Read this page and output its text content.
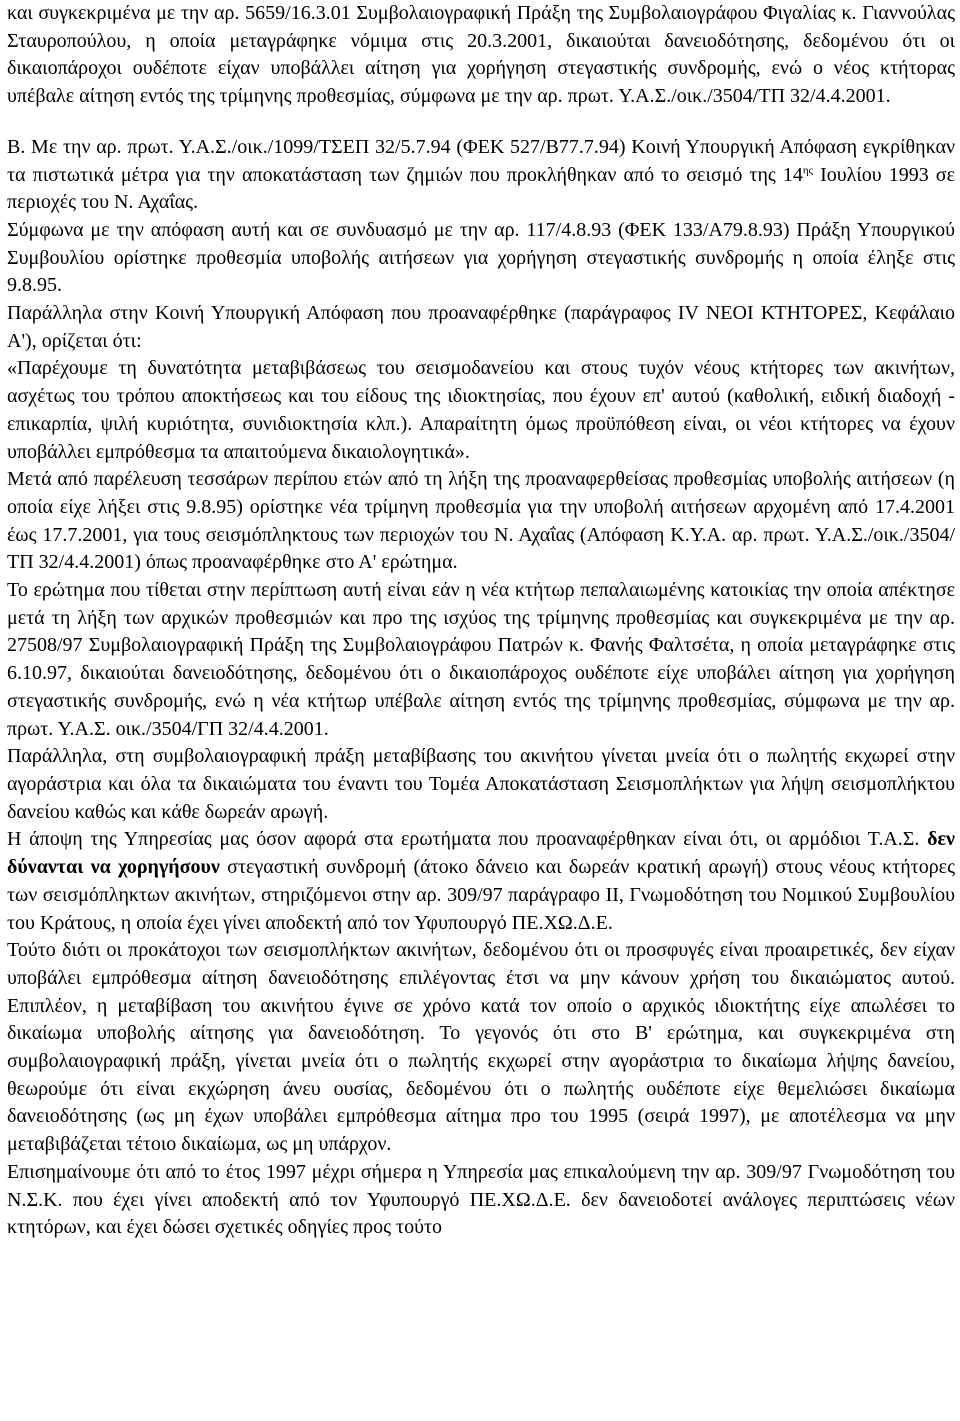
και συγκεκριμένα με την αρ. 5659/16.3.01 Συμβολαιογραφική Πράξη της Συμβολαιογράφου Φιγαλίας κ. Γιαννούλας Σταυροπούλου, η οποία μεταγράφηκε νόμιμα στις 20.3.2001, δικαιούται δανειοδότησης, δεδομένου ότι οι δικαιοπάροχοι ουδέποτε είχαν υποβάλλει αίτηση για χορήγηση στεγαστικής συνδρομής, ενώ ο νέος κτήτορας υπέβαλε αίτηση εντός της τρίμηνης προθεσμίας, σύμφωνα με την αρ. πρωτ. Υ.Α.Σ./οικ./3504/ΤΠ 32/4.4.2001.

Β. Με την αρ. πρωτ. Υ.Α.Σ./οικ./1099/ΤΣΕΠ 32/5.7.94 (ΦΕΚ 527/Β77.7.94) Κοινή Υπουργική Απόφαση εγκρίθηκαν τα πιστωτικά μέτρα για την αποκατάσταση των ζημιών που προκλήθηκαν από το σεισμό της $14^{\eta\varsigma}$ Ιουλίου 1993 σε περιοχές του Ν. Αχαΐας.

Σύμφωνα με την απόφαση αυτή και σε συνδυασμό με την αρ. 117/4.8.93 (ΦΕΚ 133/Α79.8.93) Πράξη Υπουργικού Συμβουλίου ορίστηκε προθεσμία υποβολής αιτήσεων για χορήγηση στεγαστικής συνδρομής η οποία έληξε στις 9.8.95.

Παράλληλα στην Κοινή Υπουργική Απόφαση που προαναφέρθηκε (παράγραφος IV ΝΕΟΙ ΚΤΗΤΟΡΕΣ, Κεφάλαιο Α'), ορίζεται ότι:

«Παρέχουμε τη δυνατότητα μεταβιβάσεως του σεισμοδανείου και στους τυχόν νέους κτήτορες των ακινήτων, ασχέτως του τρόπου αποκτήσεως και του είδους της ιδιοκτησίας, που έχουν επ' αυτού (καθολική, ειδική διαδοχή - επικαρπία, ψιλή κυριότητα, συνιδιοκτησία κλπ.). Απαραίτητη όμως προϋπόθεση είναι, οι νέοι κτήτορες να έχουν υποβάλλει εμπρόθεσμα τα απαιτούμενα δικαιολογητικά».

Μετά από παρέλευση τεσσάρων περίπου ετών από τη λήξη της προαναφερθείσας προθεσμίας υποβολής αιτήσεων (η οποία είχε λήξει στις 9.8.95) ορίστηκε νέα τρίμηνη προθεσμία για την υποβολή αιτήσεων αρχομένη από 17.4.2001 έως 17.7.2001, για τους σεισμόπληκτους των περιοχών του Ν. Αχαΐας (Απόφαση Κ.Υ.Α. αρ. πρωτ. Υ.Α.Σ./οικ./3504/ΤΠ 32/4.4.2001) όπως προαναφέρθηκε στο Α' ερώτημα.

Το ερώτημα που τίθεται στην περίπτωση αυτή είναι εάν η νέα κτήτωρ πεπαλαιωμένης κατοικίας την οποία απέκτησε μετά τη λήξη των αρχικών προθεσμιών και προ της ισχύος της τρίμηνης προθεσμίας και συγκεκριμένα με την αρ. 27508/97 Συμβολαιογραφική Πράξη της Συμβολαιογράφου Πατρών κ. Φανής Φαλτσέτα, η οποία μεταγράφηκε στις 6.10.97, δικαιούται δανειοδότησης, δεδομένου ότι ο δικαιοπάροχος ουδέποτε είχε υποβάλει αίτηση για χορήγηση στεγαστικής συνδρομής, ενώ η νέα κτήτωρ υπέβαλε αίτηση εντός της τρίμηνης προθεσμίας, σύμφωνα με την αρ. πρωτ. Υ.Α.Σ. οικ./3504/ΓΠ 32/4.4.2001.

Παράλληλα, στη συμβολαιογραφική πράξη μεταβίβασης του ακινήτου γίνεται μνεία ότι ο πωλητής εκχωρεί στην αγοράστρια και όλα τα δικαιώματα του έναντι του Τομέα Αποκατάσταση Σεισμοπλήκτων για λήψη σεισμοπλήκτου δανείου καθώς και κάθε δωρεάν αρωγή.

Η άποψη της Υπηρεσίας μας όσον αφορά στα ερωτήματα που προαναφέρθηκαν είναι ότι, οι αρμόδιοι Τ.Α.Σ. δεν δύνανται να χορηγήσουν στεγαστική συνδρομή (άτοκο δάνειο και δωρεάν κρατική αρωγή) στους νέους κτήτορες των σεισμόπληκτων ακινήτων, στηριζόμενοι στην αρ. 309/97 παράγραφο ΙΙ, Γνωμοδότηση του Νομικού Συμβουλίου του Κράτους, η οποία έχει γίνει αποδεκτή από τον Υφυπουργό ΠΕ.ΧΩ.Δ.Ε.

Τούτο διότι οι προκάτοχοι των σεισμοπλήκτων ακινήτων, δεδομένου ότι οι προσφυγές είναι προαιρετικές, δεν είχαν υποβάλει εμπρόθεσμα αίτηση δανειοδότησης επιλέγοντας έτσι να μην κάνουν χρήση του δικαιώματος αυτού. Επιπλέον, η μεταβίβαση του ακινήτου έγινε σε χρόνο κατά τον οποίο ο αρχικός ιδιοκτήτης είχε απωλέσει το δικαίωμα υποβολής αίτησης για δανειοδότηση. Το γεγονός ότι στο Β' ερώτημα, και συγκεκριμένα στη συμβολαιογραφική πράξη, γίνεται μνεία ότι ο πωλητής εκχωρεί στην αγοράστρια το δικαίωμα λήψης δανείου, θεωρούμε ότι είναι εκχώρηση άνευ ουσίας, δεδομένου ότι ο πωλητής ουδέποτε είχε θεμελιώσει δικαίωμα δανειοδότησης (ως μη έχων υποβάλει εμπρόθεσμα αίτημα προ του 1995 (σειρά 1997), με αποτέλεσμα να μην μεταβιβάζεται τέτοιο δικαίωμα, ως μη υπάρχον.

Επισημαίνουμε ότι από το έτος 1997 μέχρι σήμερα η Υπηρεσία μας επικαλούμενη την αρ. 309/97 Γνωμοδότηση του Ν.Σ.Κ. που έχει γίνει αποδεκτή από τον Υφυπουργό ΠΕ.ΧΩ.Δ.Ε. δεν δανειοδοτεί ανάλογες περιπτώσεις νέων κτητόρων, και έχει δώσει σχετικές οδηγίες προς τούτο
